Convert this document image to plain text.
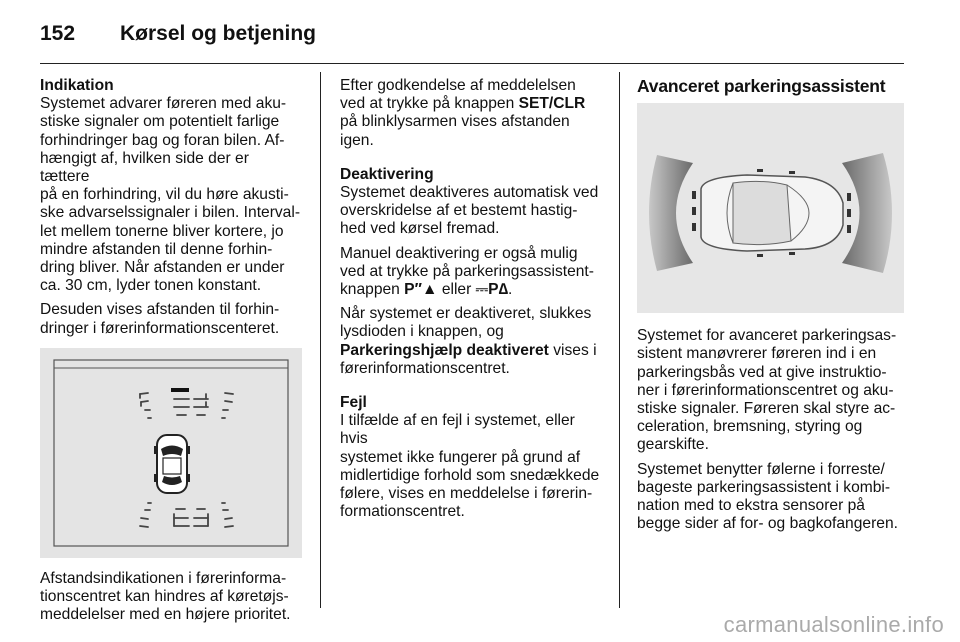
152 Kørsel og betjening

Indikation

Systemet advarer føreren med aku-
stiske signaler om potentielt farlige
forhindringer bag og foran bilen. Af-
hængigt af, hvilken side der er tættere
på en forhindring, vil du høre akusti-
ske advarselssignaler i bilen. Interval-
let mellem tonerne bliver kortere, jo
mindre afstanden til denne forhin-
dring bliver. Når afstanden er under
ca. 30 cm, lyder tonen konstant.

Desuden vises afstanden til forhin-
dringer i førerinformationscenteret.

Afstandsindikationen i førerinforma-
tionscentret kan hindres af køretøjs-
meddelelser med en højere prioritet.

Efter godkendelse af meddelelsen
ved at trykke på knappen SET/CLR
på blinklysarmen vises afstanden
igen.

Deaktivering

Systemet deaktiveres automatisk ved
overskridelse af et bestemt hastig-
hed ved kørsel fremad.

Manuel deaktivering er også mulig
ved at trykke på parkeringsassistent-
knappen P′′▲ eller ⎓P∆.

Når systemet er deaktiveret, slukkes
lysdioden i knappen, og
Parkeringshjælp deaktiveret vises i
førerinformationscentret.

Fejl

I tilfælde af en fejl i systemet, eller hvis
systemet ikke fungerer på grund af
midlertidige forhold som snedækkede
følere, vises en meddelelse i førerin-
formationscentret.

Avanceret parkeringsassistent

Systemet for avanceret parkeringsas-
sistent manøvrerer føreren ind i en
parkeringsbås ved at give instruktio-
ner i førerinformationscentret og aku-
stiske signaler. Føreren skal styre ac-
celeration, bremsning, styring og
gearskifte.

Systemet benytter følerne i forreste/
bageste parkeringsassistent i kombi-
nation med to ekstra sensorer på
begge sider af for- og bagkofangeren.

carmanualsonline.info
